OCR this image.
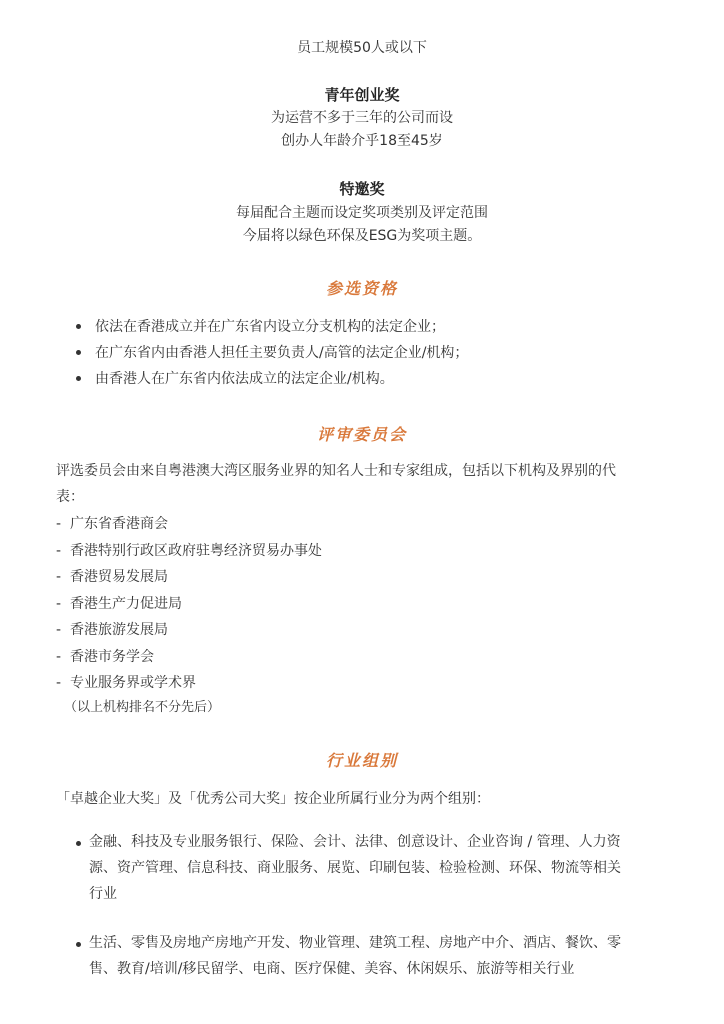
员工规模50人或以下
青年创业奖
为运营不多于三年的公司而设
创办人年龄介乎18至45岁
特邀奖
每届配合主题而设定奖项类别及评定范围
今届将以绿色环保及ESG为奖项主题。
参选资格
依法在香港成立并在广东省内设立分支机构的法定企业；
在广东省内由香港人担任主要负责人/高管的法定企业/机构；
由香港人在广东省内依法成立的法定企业/机构。
评审委员会
评选委员会由来自粤港澳大湾区服务业界的知名人士和专家组成，包括以下机构及界别的代
表：
- 广东省香港商会
- 香港特别行政区政府驻粤经济贸易办事处
- 香港贸易发展局
- 香港生产力促进局
- 香港旅游发展局
- 香港市务学会
- 专业服务界或学术界
（以上机构排名不分先后）
行业组别
「卓越企业大奖」及「优秀公司大奖」按企业所属行业分为两个组别：
金融、科技及专业服务银行、保险、会计、法律、创意设计、企业咨询 / 管理、人力资
源、资产管理、信息科技、商业服务、展览、印刷包装、检验检测、环保、物流等相关
行业
生活、零售及房地产房地产开发、物业管理、建筑工程、房地产中介、酒店、餐饮、零
售、教育/培训/移民留学、电商、医疗保健、美容、休闲娱乐、旅游等相关行业
